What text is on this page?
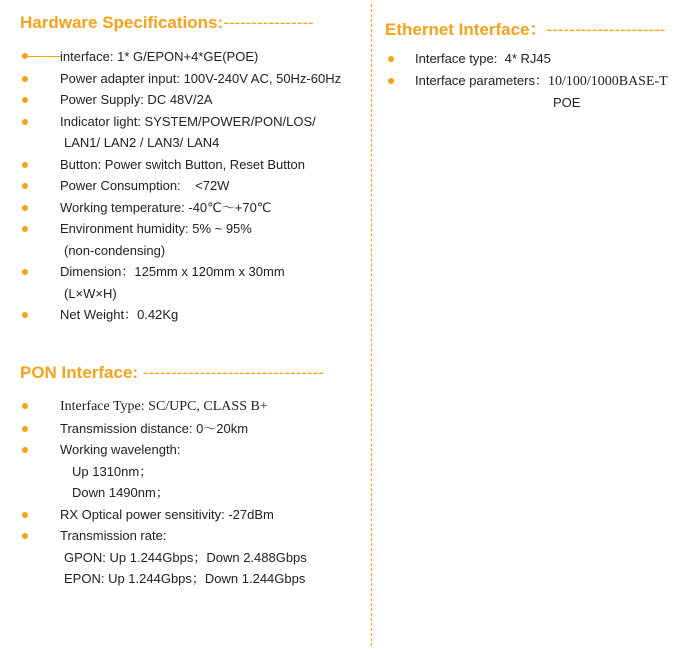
Hardware Specifications:----------------
interface: 1* G/EPON+4*GE(POE)
Power adapter input: 100V-240V AC, 50Hz-60Hz
Power Supply: DC 48V/2A
Indicator light: SYSTEM/POWER/PON/LOS/
LAN1/ LAN2 / LAN3/ LAN4
Button: Power switch Button, Reset Button
Power Consumption:    <72W
Working temperature: -40℃～+70℃
Environment humidity: 5% ~ 95%
(non-condensing)
Dimension：125mm x 120mm x 30mm
(L×W×H)
Net Weight：0.42Kg
PON Interface: --------------------------------
Interface Type: SC/UPC, CLASS B+
Transmission distance: 0～20km
Working wavelength:
Up 1310nm；
Down 1490nm；
RX Optical power sensitivity: -27dBm
Transmission rate:
GPON: Up 1.244Gbps；Down 2.488Gbps
EPON: Up 1.244Gbps；Down 1.244Gbps
Ethernet Interface：---------------------
Interface type:  4* RJ45
Interface parameters：10/100/1000BASE-T
POE
